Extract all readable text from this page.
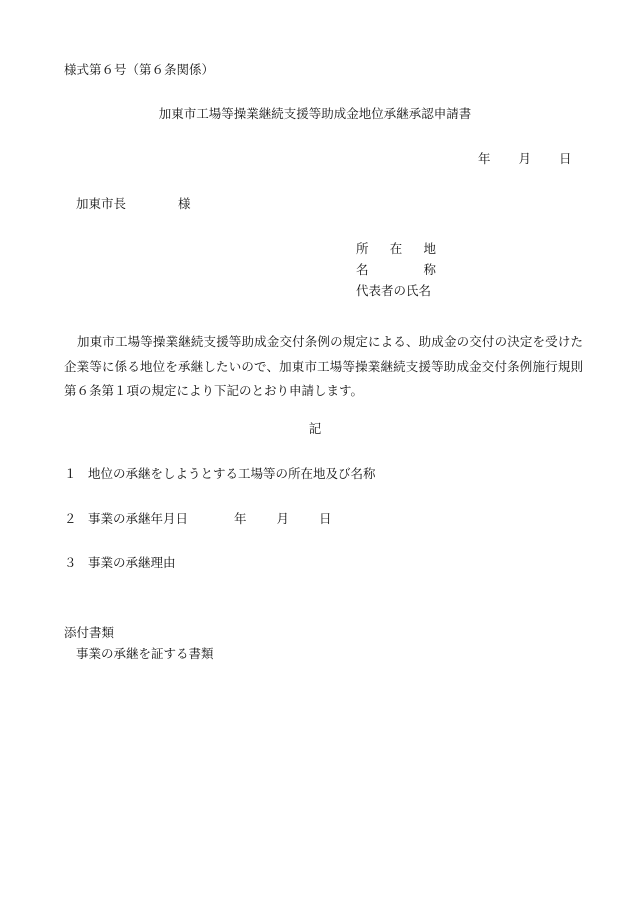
様式第６号（第６条関係）
加東市工場等操業継続支援等助成金地位承継承認申請書
年 月 日
加東市長	様
所在地
名称
代表者の氏名

加東市工場等操業継続支援等助成金交付条例の規定による、助成金の交付の決定を受けた企業等に係る地位を承継したいので、加東市工場等操業継続支援等助成金交付条例施行規則第６条第１項の規定により下記のとおり申請します。

記
１ 地位の承継をしようとする工場等の所在地及び名称
２ 事業の承継年月日	年 月 日
３ 事業の承継理由
添付書類
事業の承継を証する書類
